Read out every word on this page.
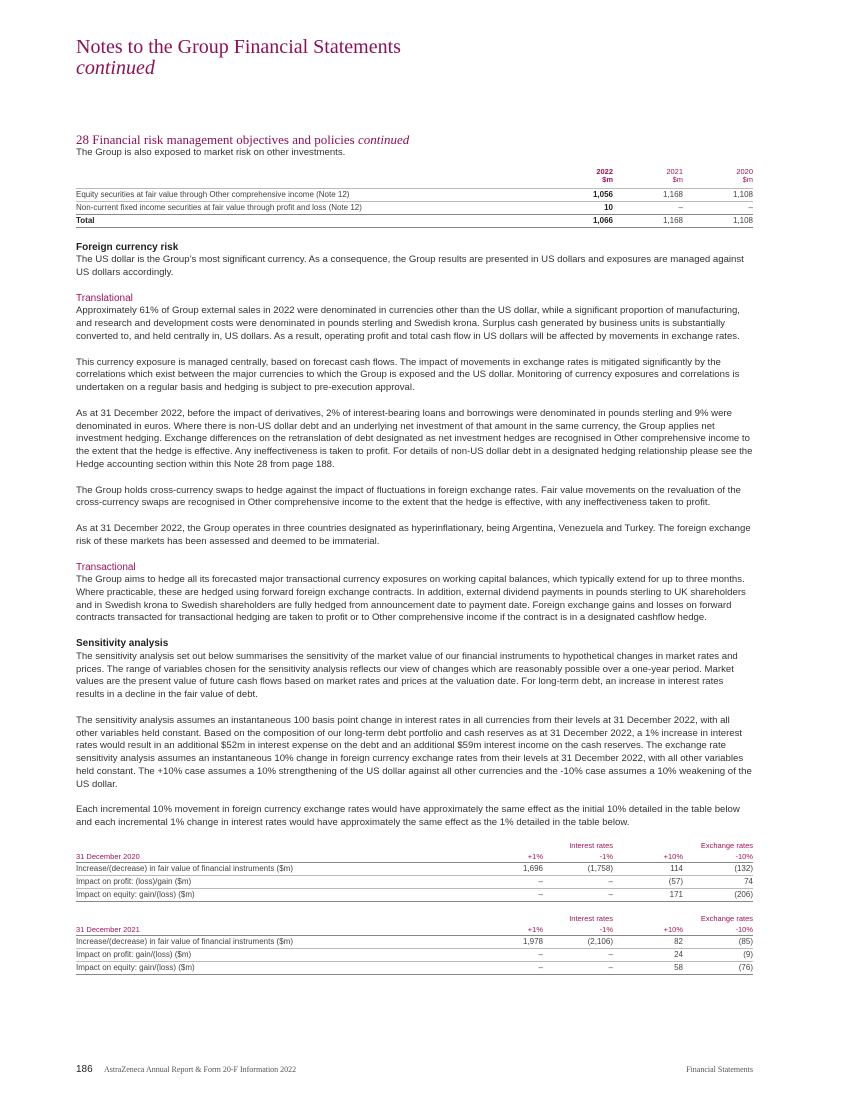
Notes to the Group Financial Statements
continued
28 Financial risk management objectives and policies continued

The Group is also exposed to market risk on other investments.

	2022
$m	2021
$m	2020
$m
Equity securities at fair value through Other comprehensive income (Note 12)	1,056	1,168	1,108
Non-current fixed income securities at fair value through profit and loss (Note 12)	10	–	–
Total	1,066	1,168	1,108
Foreign currency risk

The US dollar is the Group’s most significant currency. As a consequence, the Group results are presented in US dollars and exposures are managed against US dollars accordingly.

Translational

Approximately 61% of Group external sales in 2022 were denominated in currencies other than the US dollar, while a significant proportion of manufacturing, and research and development costs were denominated in pounds sterling and Swedish krona. Surplus cash generated by business units is substantially converted to, and held centrally in, US dollars. As a result, operating profit and total cash flow in US dollars will be affected by movements in exchange rates.

This currency exposure is managed centrally, based on forecast cash flows. The impact of movements in exchange rates is mitigated significantly by the correlations which exist between the major currencies to which the Group is exposed and the US dollar. Monitoring of currency exposures and correlations is undertaken on a regular basis and hedging is subject to pre-execution approval.

As at 31 December 2022, before the impact of derivatives, 2% of interest-bearing loans and borrowings were denominated in pounds sterling and 9% were denominated in euros. Where there is non-US dollar debt and an underlying net investment of that amount in the same currency, the Group applies net investment hedging. Exchange differences on the retranslation of debt designated as net investment hedges are recognised in Other comprehensive income to the extent that the hedge is effective. Any ineffectiveness is taken to profit. For details of non-US dollar debt in a designated hedging relationship please see the Hedge accounting section within this Note 28 from page 188.

The Group holds cross-currency swaps to hedge against the impact of fluctuations in foreign exchange rates. Fair value movements on the revaluation of the cross-currency swaps are recognised in Other comprehensive income to the extent that the hedge is effective, with any ineffectiveness taken to profit.

As at 31 December 2022, the Group operates in three countries designated as hyperinflationary, being Argentina, Venezuela and Turkey. The foreign exchange risk of these markets has been assessed and deemed to be immaterial.

Transactional

The Group aims to hedge all its forecasted major transactional currency exposures on working capital balances, which typically extend for up to three months. Where practicable, these are hedged using forward foreign exchange contracts. In addition, external dividend payments in pounds sterling to UK shareholders and in Swedish krona to Swedish shareholders are fully hedged from announcement date to payment date. Foreign exchange gains and losses on forward contracts transacted for transactional hedging are taken to profit or to Other comprehensive income if the contract is in a designated cashflow hedge.

Sensitivity analysis

The sensitivity analysis set out below summarises the sensitivity of the market value of our financial instruments to hypothetical changes in market rates and prices. The range of variables chosen for the sensitivity analysis reflects our view of changes which are reasonably possible over a one-year period. Market values are the present value of future cash flows based on market rates and prices at the valuation date. For long-term debt, an increase in interest rates results in a decline in the fair value of debt.

The sensitivity analysis assumes an instantaneous 100 basis point change in interest rates in all currencies from their levels at 31 December 2022, with all other variables held constant. Based on the composition of our long-term debt portfolio and cash reserves as at 31 December 2022, a 1% increase in interest rates would result in an additional $52m in interest expense on the debt and an additional $59m interest income on the cash reserves. The exchange rate sensitivity analysis assumes an instantaneous 10% change in foreign currency exchange rates from their levels at 31 December 2022, with all other variables held constant. The +10% case assumes a 10% strengthening of the US dollar against all other currencies and the -10% case assumes a 10% weakening of the US dollar.

Each incremental 10% movement in foreign currency exchange rates would have approximately the same effect as the initial 10% detailed in the table below and each incremental 1% change in interest rates would have approximately the same effect as the 1% detailed in the table below.

	Interest rates		Exchange rates	
31 December 2020	+1%	-1%	+10%	-10%
Increase/(decrease) in fair value of financial instruments ($m)	1,696	(1,758)	114	(132)
Impact on profit: (loss)/gain ($m)	–	–	(57)	74
Impact on equity: gain/(loss) ($m)	–	–	171	(206)
	Interest rates		Exchange rates	
31 December 2021	+1%	-1%	+10%	-10%
Increase/(decrease) in fair value of financial instruments ($m)	1,978	(2,106)	82	(85)
Impact on profit: gain/(loss) ($m)	–	–	24	(9)
Impact on equity: gain/(loss) ($m)	–	–	58	(76)
186 AstraZeneca Annual Report & Form 20-F Information 2022	Financial Statements
